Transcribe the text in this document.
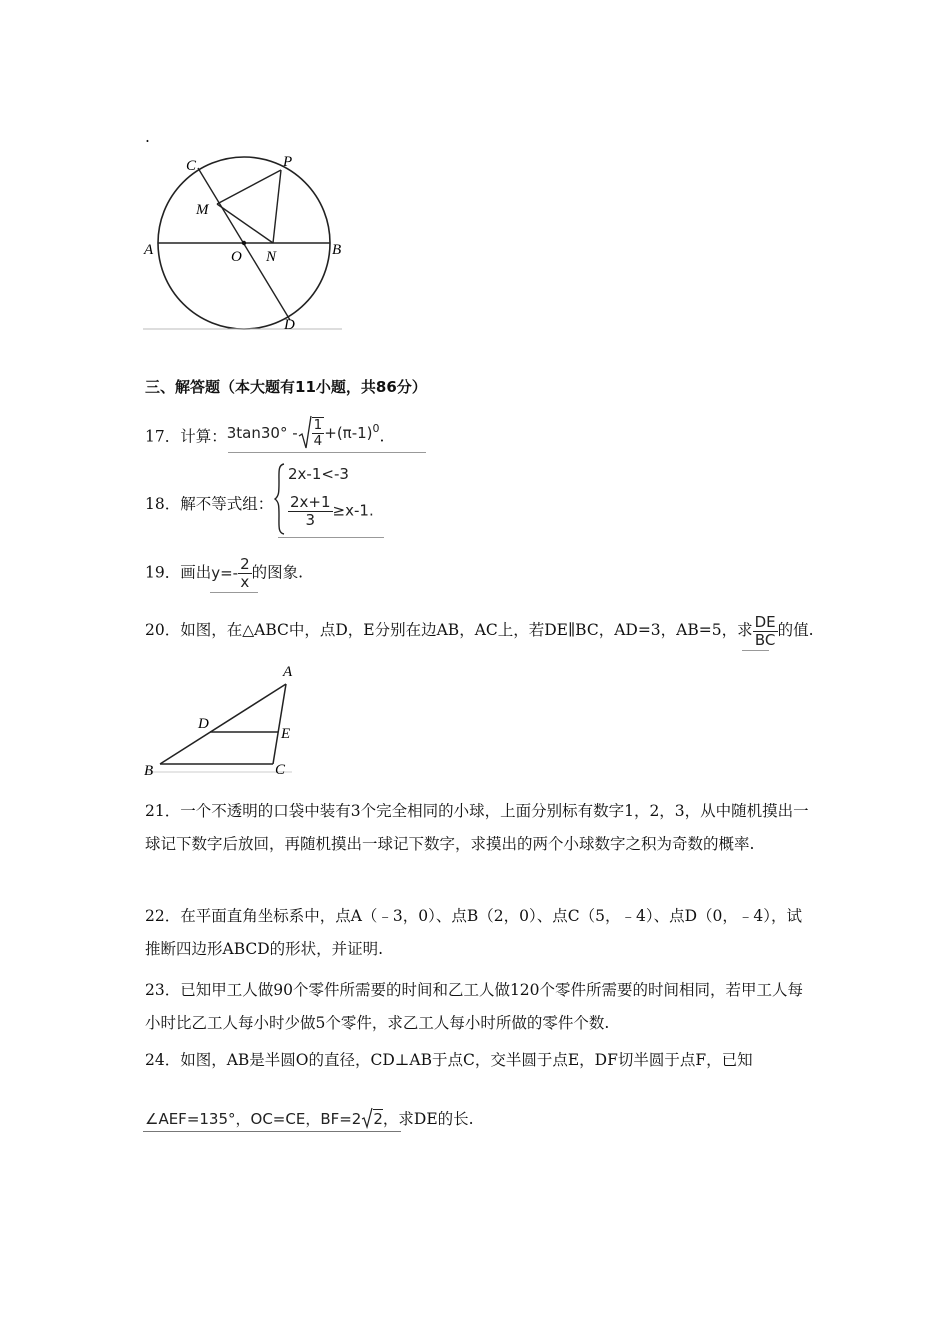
.
C	P
M
A	O N	B
D
三、解答题（本大题有11小题，共86分）
17．计算：$3\tan 30^\circ - \frac{1}{4} +(\pi-1)^0$.
18．解不等式组：
2x-1<-3
$\frac{2x+1}{3} \ge x-1$.
19．画出$y=- \frac{2}{x}$ 的图象.
20．如图，在△ABC中，点D，E分别在边AB，AC上，若DE∥BC，AD=3，AB=5，求 $\frac{DE}{BC}$ 的值.
A
D
E
B	C
21．一个不透明的口袋中装有3个完全相同的小球，上面分别标有数字1，2，3，从中随机摸出一球记下数字后放回，再随机摸出一球记下数字，求摸出的两个小球数字之积为奇数的概率.
22．在平面直角坐标系中，点A（﹣3，0）、点B（2，0）、点C（5，﹣4）、点D（0，﹣4），试推断四边形ABCD的形状，并证明.
23．已知甲工人做90个零件所需要的时间和乙工人做120个零件所需要的时间相同，若甲工人每小时比乙工人每小时少做5个零件，求乙工人每小时所做的零件个数.
24．如图，AB是半圆O的直径，CD⊥AB于点C，交半圆于点E，DF切半圆于点F，已知
∠AEF=135°，OC=CE，BF=2 2，求DE的长.
